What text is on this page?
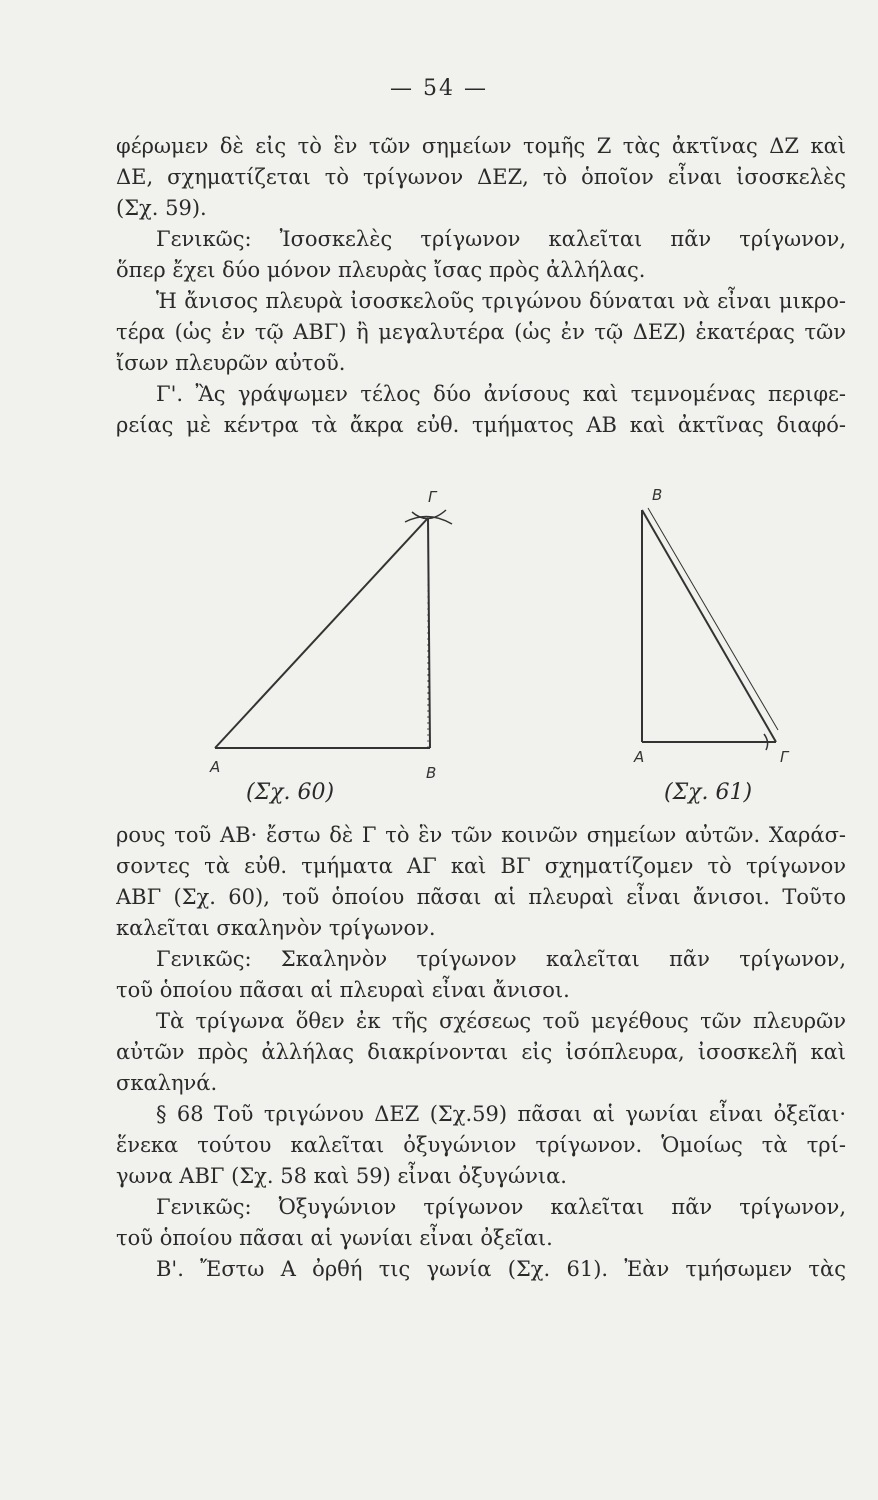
— 54 —
φέρωμεν δὲ εἰς τὸ ἓν τῶν σημείων τομῆς Ζ τὰς ἀκτῖνας ΔΖ καὶ
ΔΕ, σχηματίζεται τὸ τρίγωνον ΔΕΖ, τὸ ὁποῖον εἶναι ἰσοσκελὲς
(Σχ. 59).
Γενικῶς: Ἰσοσκελὲς τρίγωνον καλεῖται πᾶν τρίγωνον,
ὅπερ ἔχει δύο μόνον πλευρὰς ἴσας πρὸς ἀλλήλας.
Ἡ ἄνισος πλευρὰ ἰσοσκελοῦς τριγώνου δύναται νὰ εἶναι μικρο-
τέρα (ὡς ἐν τῷ ΑΒΓ) ἢ μεγαλυτέρα (ὡς ἐν τῷ ΔΕΖ) ἑκατέρας τῶν
ἴσων πλευρῶν αὐτοῦ.
Γ'. Ἂς γράψωμεν τέλος δύο ἀνίσους καὶ τεμνομένας περιφε-
ρείας μὲ κέντρα τὰ ἄκρα εὐθ. τμήματος ΑΒ καὶ ἀκτῖνας διαφό-
Γ
Α	Β
Β
Α	Γ
(Σχ. 60)	(Σχ. 61)
ρους τοῦ ΑΒ· ἔστω δὲ Γ τὸ ἓν τῶν κοινῶν σημείων αὐτῶν. Χαράσ-
σοντες τὰ εὐθ. τμήματα ΑΓ καὶ ΒΓ σχηματίζομεν τὸ τρίγωνον
ΑΒΓ (Σχ. 60), τοῦ ὁποίου πᾶσαι αἱ πλευραὶ εἶναι ἄνισοι. Τοῦτο
καλεῖται σκαληνὸν τρίγωνον.
Γενικῶς: Σκαληνὸν τρίγωνον καλεῖται πᾶν τρίγωνον,
τοῦ ὁποίου πᾶσαι αἱ πλευραὶ εἶναι ἄνισοι.
Τὰ τρίγωνα ὅθεν ἐκ τῆς σχέσεως τοῦ μεγέθους τῶν πλευρῶν
αὐτῶν πρὸς ἀλλήλας διακρίνονται εἰς ἰσόπλευρα, ἰσοσκελῆ καὶ
σκαληνά.
§ 68 Τοῦ τριγώνου ΔΕΖ (Σχ.59) πᾶσαι αἱ γωνίαι εἶναι ὀξεῖαι·
ἕνεκα τούτου καλεῖται ὀξυγώνιον τρίγωνον. Ὁμοίως τὰ τρί-
γωνα ΑΒΓ (Σχ. 58 καὶ 59) εἶναι ὀξυγώνια.
Γενικῶς: Ὀξυγώνιον τρίγωνον καλεῖται πᾶν τρίγωνον,
τοῦ ὁποίου πᾶσαι αἱ γωνίαι εἶναι ὀξεῖαι.
Β'. Ἔστω Α ὀρθή τις γωνία (Σχ. 61). Ἐὰν τμήσωμεν τὰς
